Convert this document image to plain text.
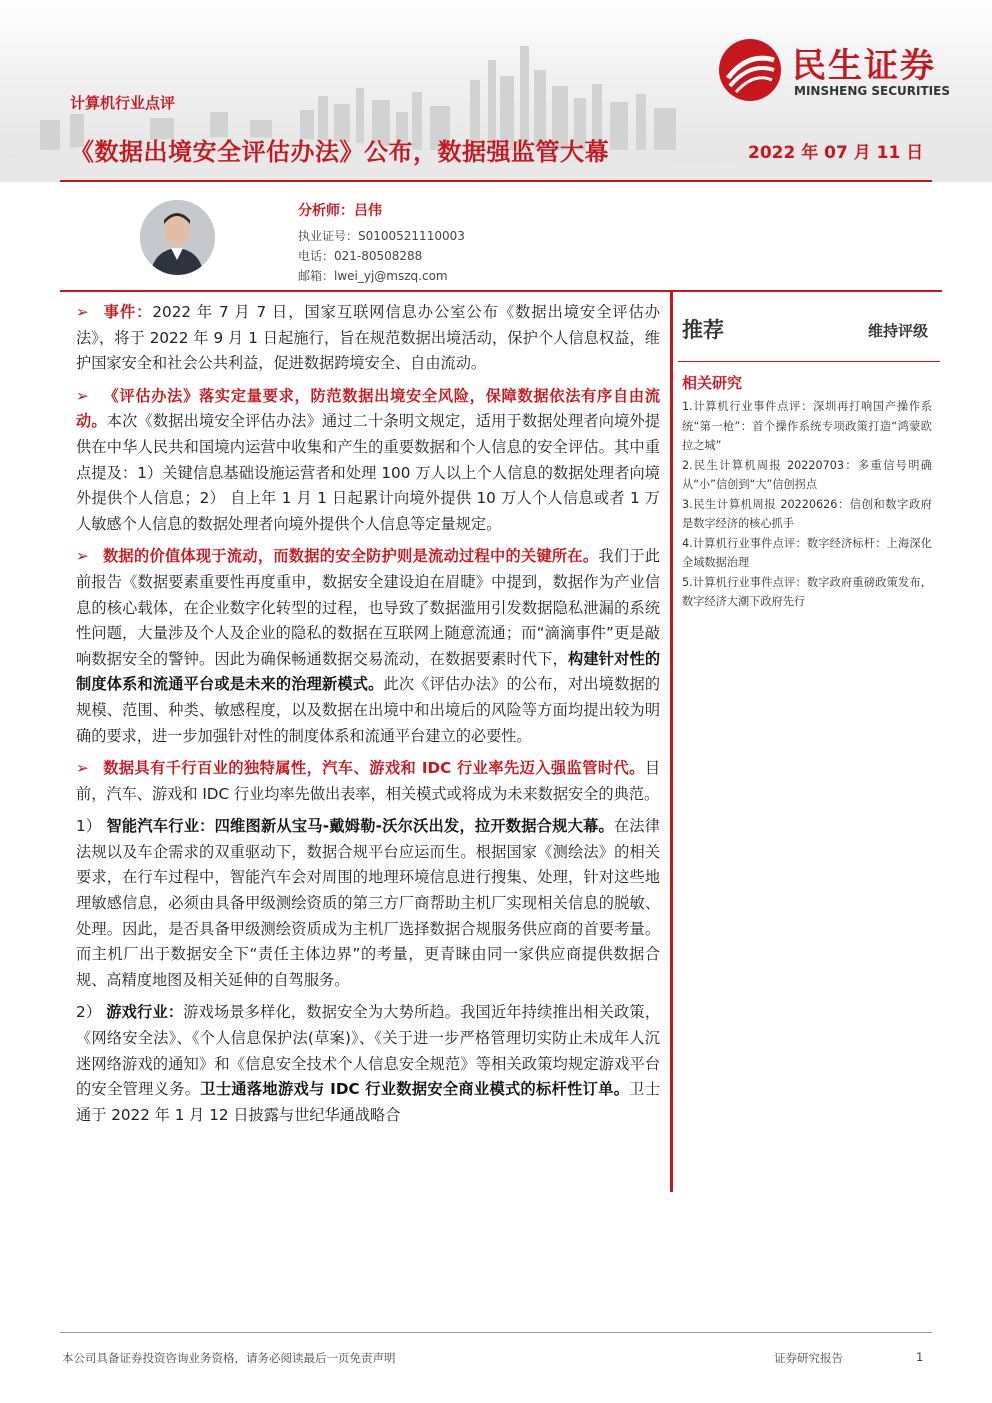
计算机行业点评
《数据出境安全评估办法》公布，数据强监管大幕	2022 年 07 月 11 日
民生证券
MINSHENG SECURITIES
分析师：吕伟
执业证号：S0100521110003
电话：021-80508288
邮箱：lwei_yj@mszq.com

➢ 事件：2022 年 7 月 7 日，国家互联网信息办公室公布《数据出境安全评估办法》，将于 2022 年 9 月 1 日起施行，旨在规范数据出境活动，保护个人信息权益，维护国家安全和社会公共利益，促进数据跨境安全、自由流动。

➢ 《评估办法》落实定量要求，防范数据出境安全风险，保障数据依法有序自由流动。本次《数据出境安全评估办法》通过二十条明文规定，适用于数据处理者向境外提供在中华人民共和国境内运营中收集和产生的重要数据和个人信息的安全评估。其中重点提及：1）关键信息基础设施运营者和处理 100 万人以上个人信息的数据处理者向境外提供个人信息；2） 自上年 1 月 1 日起累计向境外提供 10 万人个人信息或者 1 万人敏感个人信息的数据处理者向境外提供个人信息等定量规定。

➢ 数据的价值体现于流动，而数据的安全防护则是流动过程中的关键所在。我们于此前报告《数据要素重要性再度重申，数据安全建设迫在眉睫》中提到，数据作为产业信息的核心载体，在企业数字化转型的过程，也导致了数据滥用引发数据隐私泄漏的系统性问题，大量涉及个人及企业的隐私的数据在互联网上随意流通；而“滴滴事件”更是敲响数据安全的警钟。因此为确保畅通数据交易流动，在数据要素时代下，构建针对性的制度体系和流通平台或是未来的治理新模式。此次《评估办法》的公布，对出境数据的规模、范围、种类、敏感程度，以及数据在出境中和出境后的风险等方面均提出较为明确的要求，进一步加强针对性的制度体系和流通平台建立的必要性。

➢ 数据具有千行百业的独特属性，汽车、游戏和 IDC 行业率先迈入强监管时代。目前，汽车、游戏和 IDC 行业均率先做出表率，相关模式或将成为未来数据安全的典范。

1） 智能汽车行业：四维图新从宝马-戴姆勒-沃尔沃出发，拉开数据合规大幕。在法律法规以及车企需求的双重驱动下，数据合规平台应运而生。根据国家《测绘法》的相关要求，在行车过程中，智能汽车会对周围的地理环境信息进行搜集、处理，针对这些地理敏感信息，必须由具备甲级测绘资质的第三方厂商帮助主机厂实现相关信息的脱敏、处理。因此，是否具备甲级测绘资质成为主机厂选择数据合规服务供应商的首要考量。而主机厂出于数据安全下“责任主体边界”的考量，更青睐由同一家供应商提供数据合规、高精度地图及相关延伸的自驾服务。

2） 游戏行业：游戏场景多样化，数据安全为大势所趋。我国近年持续推出相关政策，《网络安全法》、《个人信息保护法(草案)》、《关于进一步严格管理切实防止未成年人沉迷网络游戏的通知》和《信息安全技术个人信息安全规范》等相关政策均规定游戏平台的安全管理义务。卫士通落地游戏与 IDC 行业数据安全商业模式的标杆性订单。卫士通于 2022 年 1 月 12 日披露与世纪华通战略合

推荐	维持评级
相关研究
1.计算机行业事件点评：深圳再打响国产操作系统“第一枪”：首个操作系统专项政策打造“鸿蒙欧拉之城”
2.民生计算机周报 20220703：多重信号明确从“小”信创到“大”信创拐点
3.民生计算机周报 20220626：信创和数字政府是数字经济的核心抓手
4.计算机行业事件点评：数字经济标杆：上海深化全域数据治理
5.计算机行业事件点评：数字政府重磅政策发布，数字经济大潮下政府先行
本公司具备证券投资咨询业务资格，请务必阅读最后一页免责声明	证券研究报告	1
